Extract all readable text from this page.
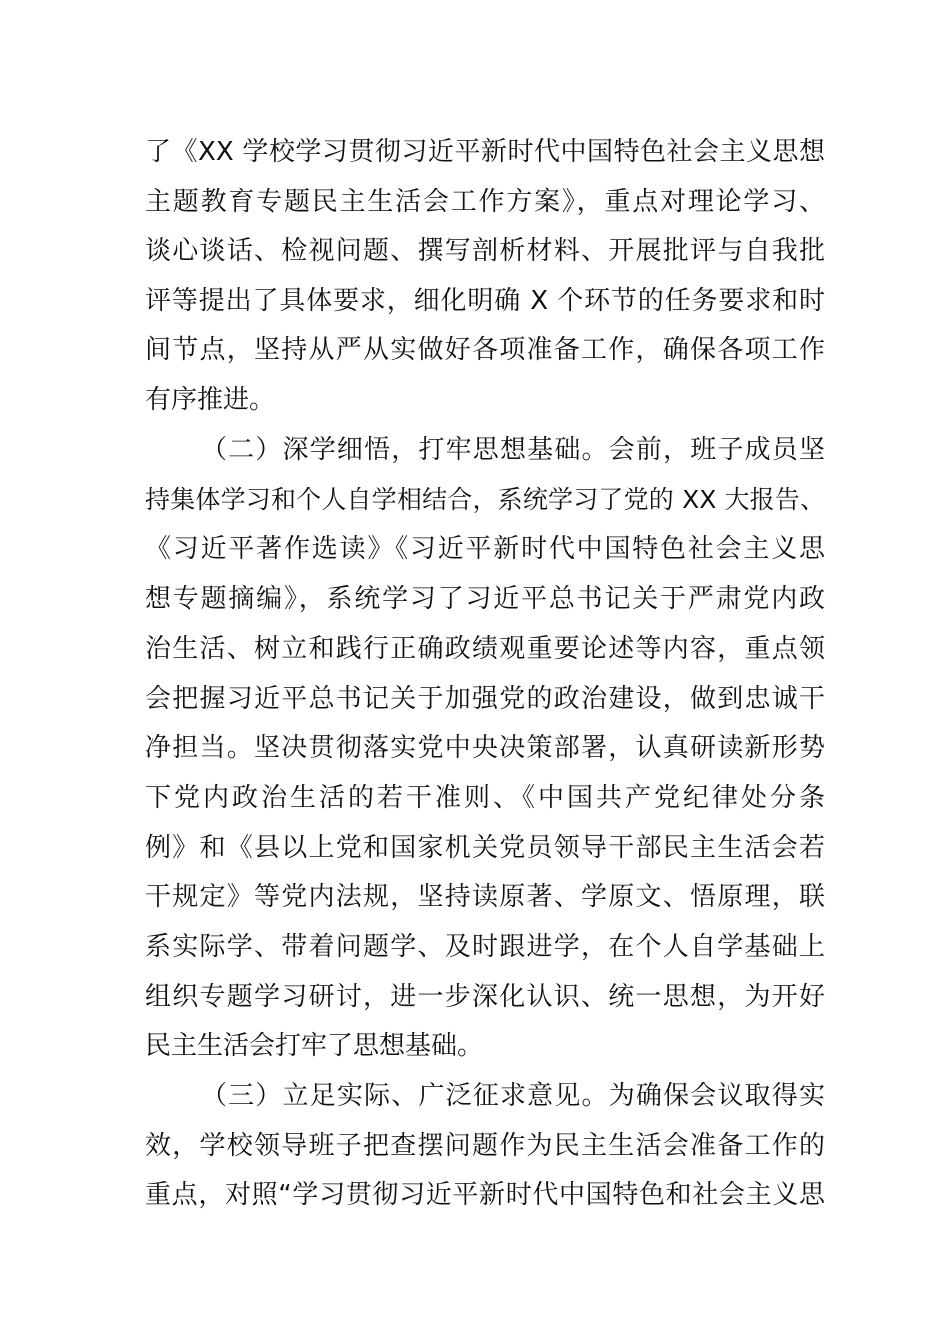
了《XX 学校学习贯彻习近平新时代中国特色社会主义思想
主题教育专题民主生活会工作方案》，重点对理论学习、
谈心谈话、检视问题、撰写剖析材料、开展批评与自我批
评等提出了具体要求，细化明确 X 个环节的任务要求和时
间节点，坚持从严从实做好各项准备工作，确保各项工作
有序推进。
（二）深学细悟，打牢思想基础。会前，班子成员坚
持集体学习和个人自学相结合，系统学习了党的 XX 大报告、
《习近平著作选读》《习近平新时代中国特色社会主义思
想专题摘编》，系统学习了习近平总书记关于严肃党内政
治生活、树立和践行正确政绩观重要论述等内容，重点领
会把握习近平总书记关于加强党的政治建设，做到忠诚干
净担当。坚决贯彻落实党中央决策部署，认真研读新形势
下党内政治生活的若干准则、《中国共产党纪律处分条
例》和《县以上党和国家机关党员领导干部民主生活会若
干规定》等党内法规，坚持读原著、学原文、悟原理，联
系实际学、带着问题学、及时跟进学，在个人自学基础上
组织专题学习研讨，进一步深化认识、统一思想，为开好
民主生活会打牢了思想基础。
（三）立足实际、广泛征求意见。为确保会议取得实
效，学校领导班子把查摆问题作为民主生活会准备工作的
重点，对照“学习贯彻习近平新时代中国特色和社会主义思
